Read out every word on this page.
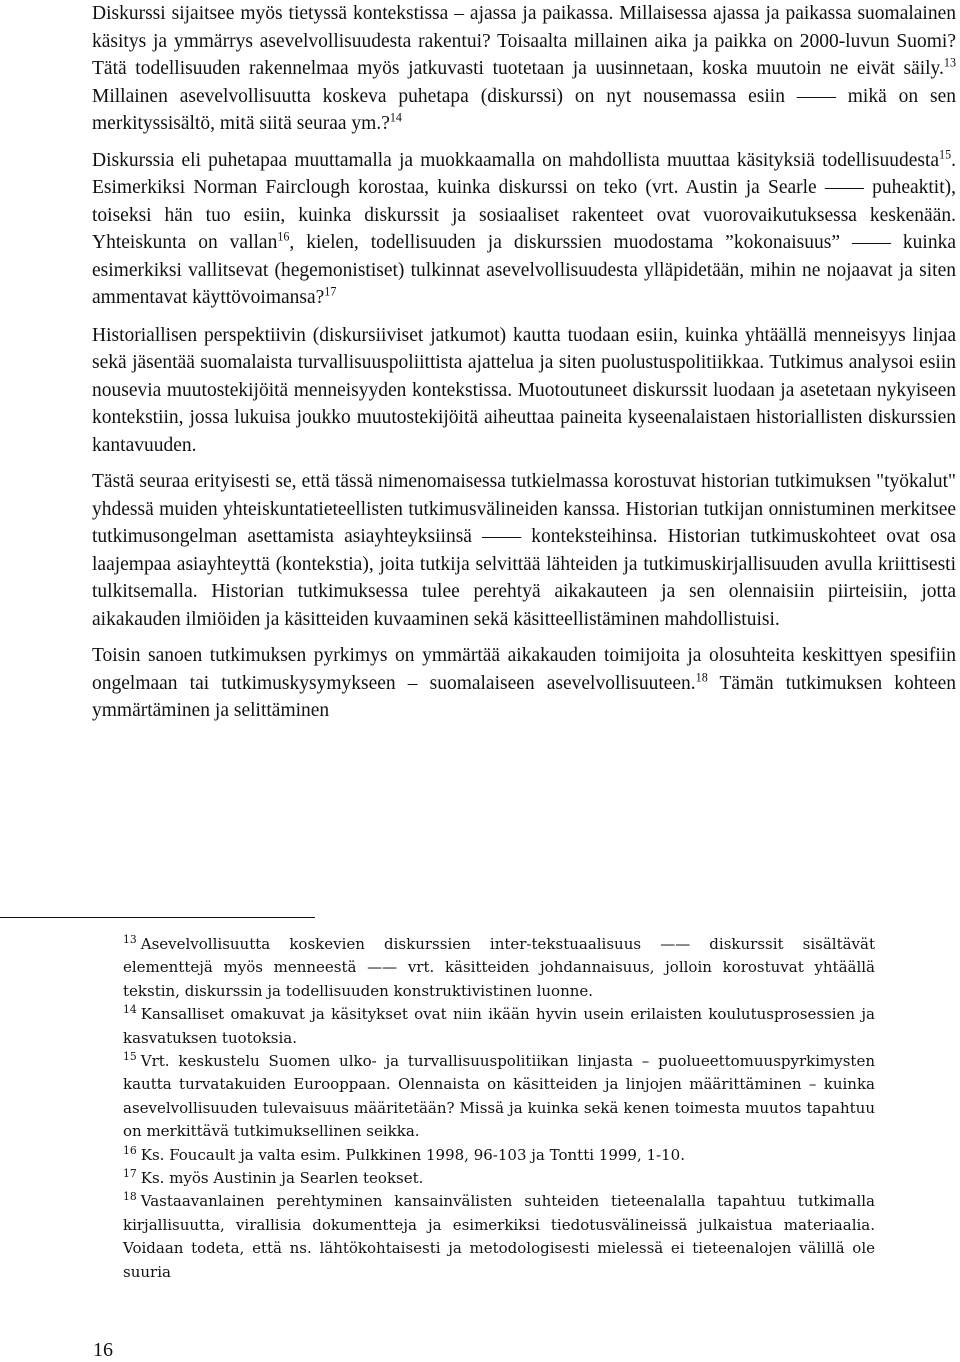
Diskurssi sijaitsee myös tietyssä kontekstissa – ajassa ja paikassa. Millaisessa ajassa ja paikassa suomalainen käsitys ja ymmärrys asevelvollisuudesta rakentui? Toisaalta millainen aika ja paikka on 2000-luvun Suomi? Tätä todellisuuden rakennelmaa myös jatkuvasti tuotetaan ja uusinnetaan, koska muutoin ne eivät säily.$^{13}$ Millainen asevelvollisuutta koskeva puhetapa (diskurssi) on nyt nousemassa esiin —— mikä on sen merkityssisältö, mitä siitä seuraa ym.?$^{14}$

Diskurssia eli puhetapaa muuttamalla ja muokkaamalla on mahdollista muuttaa käsityksiä todellisuudesta$^{15}$. Esimerkiksi Norman Fairclough korostaa, kuinka diskurssi on teko (vrt. Austin ja Searle —— puheaktit), toiseksi hän tuo esiin, kuinka diskurssit ja sosiaaliset rakenteet ovat vuorovaikutuksessa keskenään. Yhteiskunta on vallan$^{16}$, kielen, todellisuuden ja diskurssien muodostama ”kokonaisuus” —— kuinka esimerkiksi vallitsevat (hegemonistiset) tulkinnat asevelvollisuudesta ylläpidetään, mihin ne nojaavat ja siten ammentavat käyttövoimansa?$^{17}$

Historiallisen perspektiivin (diskursiiviset jatkumot) kautta tuodaan esiin, kuinka yhtäällä menneisyys linjaa sekä jäsentää suomalaista turvallisuuspoliittista ajattelua ja siten puolustuspolitiikkaa. Tutkimus analysoi esiin nousevia muutostekijöitä menneisyyden kontekstissa. Muotoutuneet diskurssit luodaan ja asetetaan nykyiseen kontekstiin, jossa lukuisa joukko muutostekijöitä aiheuttaa paineita kyseenalaistaen historiallisten diskurssien kantavuuden.

Tästä seuraa erityisesti se, että tässä nimenomaisessa tutkielmassa korostuvat historian tutkimuksen "työkalut" yhdessä muiden yhteiskuntatieteellisten tutkimusvälineiden kanssa. Historian tutkijan onnistuminen merkitsee tutkimusongelman asettamista asiayhteyksiinsä —— konteksteihinsa. Historian tutkimuskohteet ovat osa laajempaa asiayhteyttä (kontekstia), joita tutkija selvittää lähteiden ja tutkimuskirjallisuuden avulla kriittisesti tulkitsemalla. Historian tutkimuksessa tulee perehtyä aikakauteen ja sen olennaisiin piirteisiin, jotta aikakauden ilmiöiden ja käsitteiden kuvaaminen sekä käsitteellistäminen mahdollistuisi.

Toisin sanoen tutkimuksen pyrkimys on ymmärtää aikakauden toimijoita ja olosuhteita keskittyen spesifiin ongelmaan tai tutkimuskysymykseen – suomalaiseen asevelvollisuuteen.$^{18}$ Tämän tutkimuksen kohteen ymmärtäminen ja selittäminen

$^{13}$ Asevelvollisuutta koskevien diskurssien inter-tekstuaalisuus —— diskurssit sisältävät elementtejä myös menneestä —— vrt. käsitteiden johdannaisuus, jolloin korostuvat yhtäällä tekstin, diskurssin ja todellisuuden konstruktivistinen luonne.

$^{14}$ Kansalliset omakuvat ja käsitykset ovat niin ikään hyvin usein erilaisten koulutusprosessien ja kasvatuksen tuotoksia.

$^{15}$ Vrt. keskustelu Suomen ulko- ja turvallisuuspolitiikan linjasta – puolueettomuuspyrkimysten kautta turvatakuiden Eurooppaan. Olennaista on käsitteiden ja linjojen määrittäminen – kuinka asevelvollisuuden tulevaisuus määritetään? Missä ja kuinka sekä kenen toimesta muutos tapahtuu on merkittävä tutkimuksellinen seikka.

$^{16}$ Ks. Foucault ja valta esim. Pulkkinen 1998, 96-103 ja Tontti 1999, 1-10.

$^{17}$ Ks. myös Austinin ja Searlen teokset.

$^{18}$ Vastaavanlainen perehtyminen kansainvälisten suhteiden tieteenalalla tapahtuu tutkimalla kirjallisuutta, virallisia dokumentteja ja esimerkiksi tiedotusvälineissä julkaistua materiaalia. Voidaan todeta, että ns. lähtökohtaisesti ja metodologisesti mielessä ei tieteenalojen välillä ole suuria

16
